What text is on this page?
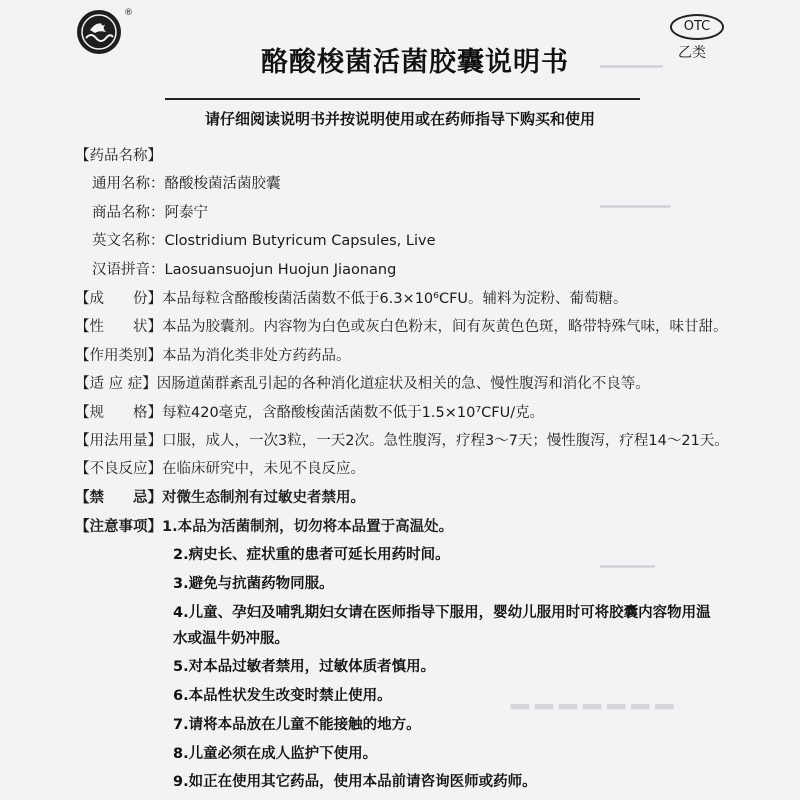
━━━━━━━━
━━━━━━━━━
━━━━━━━
━━━━━━━
®
OTC
乙类
酪酸梭菌活菌胶囊说明书
请仔细阅读说明书并按说明使用或在药师指导下购买和使用
【药品名称】
通用名称：酪酸梭菌活菌胶囊
商品名称：阿泰宁
英文名称：Clostridium Butyricum Capsules, Live
汉语拼音：Laosuansuojun Huojun Jiaonang
【成　　份】本品每粒含酪酸梭菌活菌数不低于6.3×10⁶CFU。辅料为淀粉、葡萄糖。
【性　　状】本品为胶囊剂。内容物为白色或灰白色粉末，间有灰黄色色斑，略带特殊气味，味甘甜。
【作用类别】本品为消化类非处方药药品。
【适 应 症】因肠道菌群紊乱引起的各种消化道症状及相关的急、慢性腹泻和消化不良等。
【规　　格】每粒420毫克，含酪酸梭菌活菌数不低于1.5×10⁷CFU/克。
【用法用量】口服，成人，一次3粒，一天2次。急性腹泻，疗程3～7天；慢性腹泻，疗程14～21天。
【不良反应】在临床研究中，未见不良反应。
【禁　　忌】对微生态制剂有过敏史者禁用。
【注意事项】1.本品为活菌制剂，切勿将本品置于高温处。
2.病史长、症状重的患者可延长用药时间。
3.避免与抗菌药物同服。
4.儿童、孕妇及哺乳期妇女请在医师指导下服用，婴幼儿服用时可将胶囊内容物用温
水或温牛奶冲服。
5.对本品过敏者禁用，过敏体质者慎用。
6.本品性状发生改变时禁止使用。
7.请将本品放在儿童不能接触的地方。
8.儿童必须在成人监护下使用。
9.如正在使用其它药品，使用本品前请咨询医师或药师。
